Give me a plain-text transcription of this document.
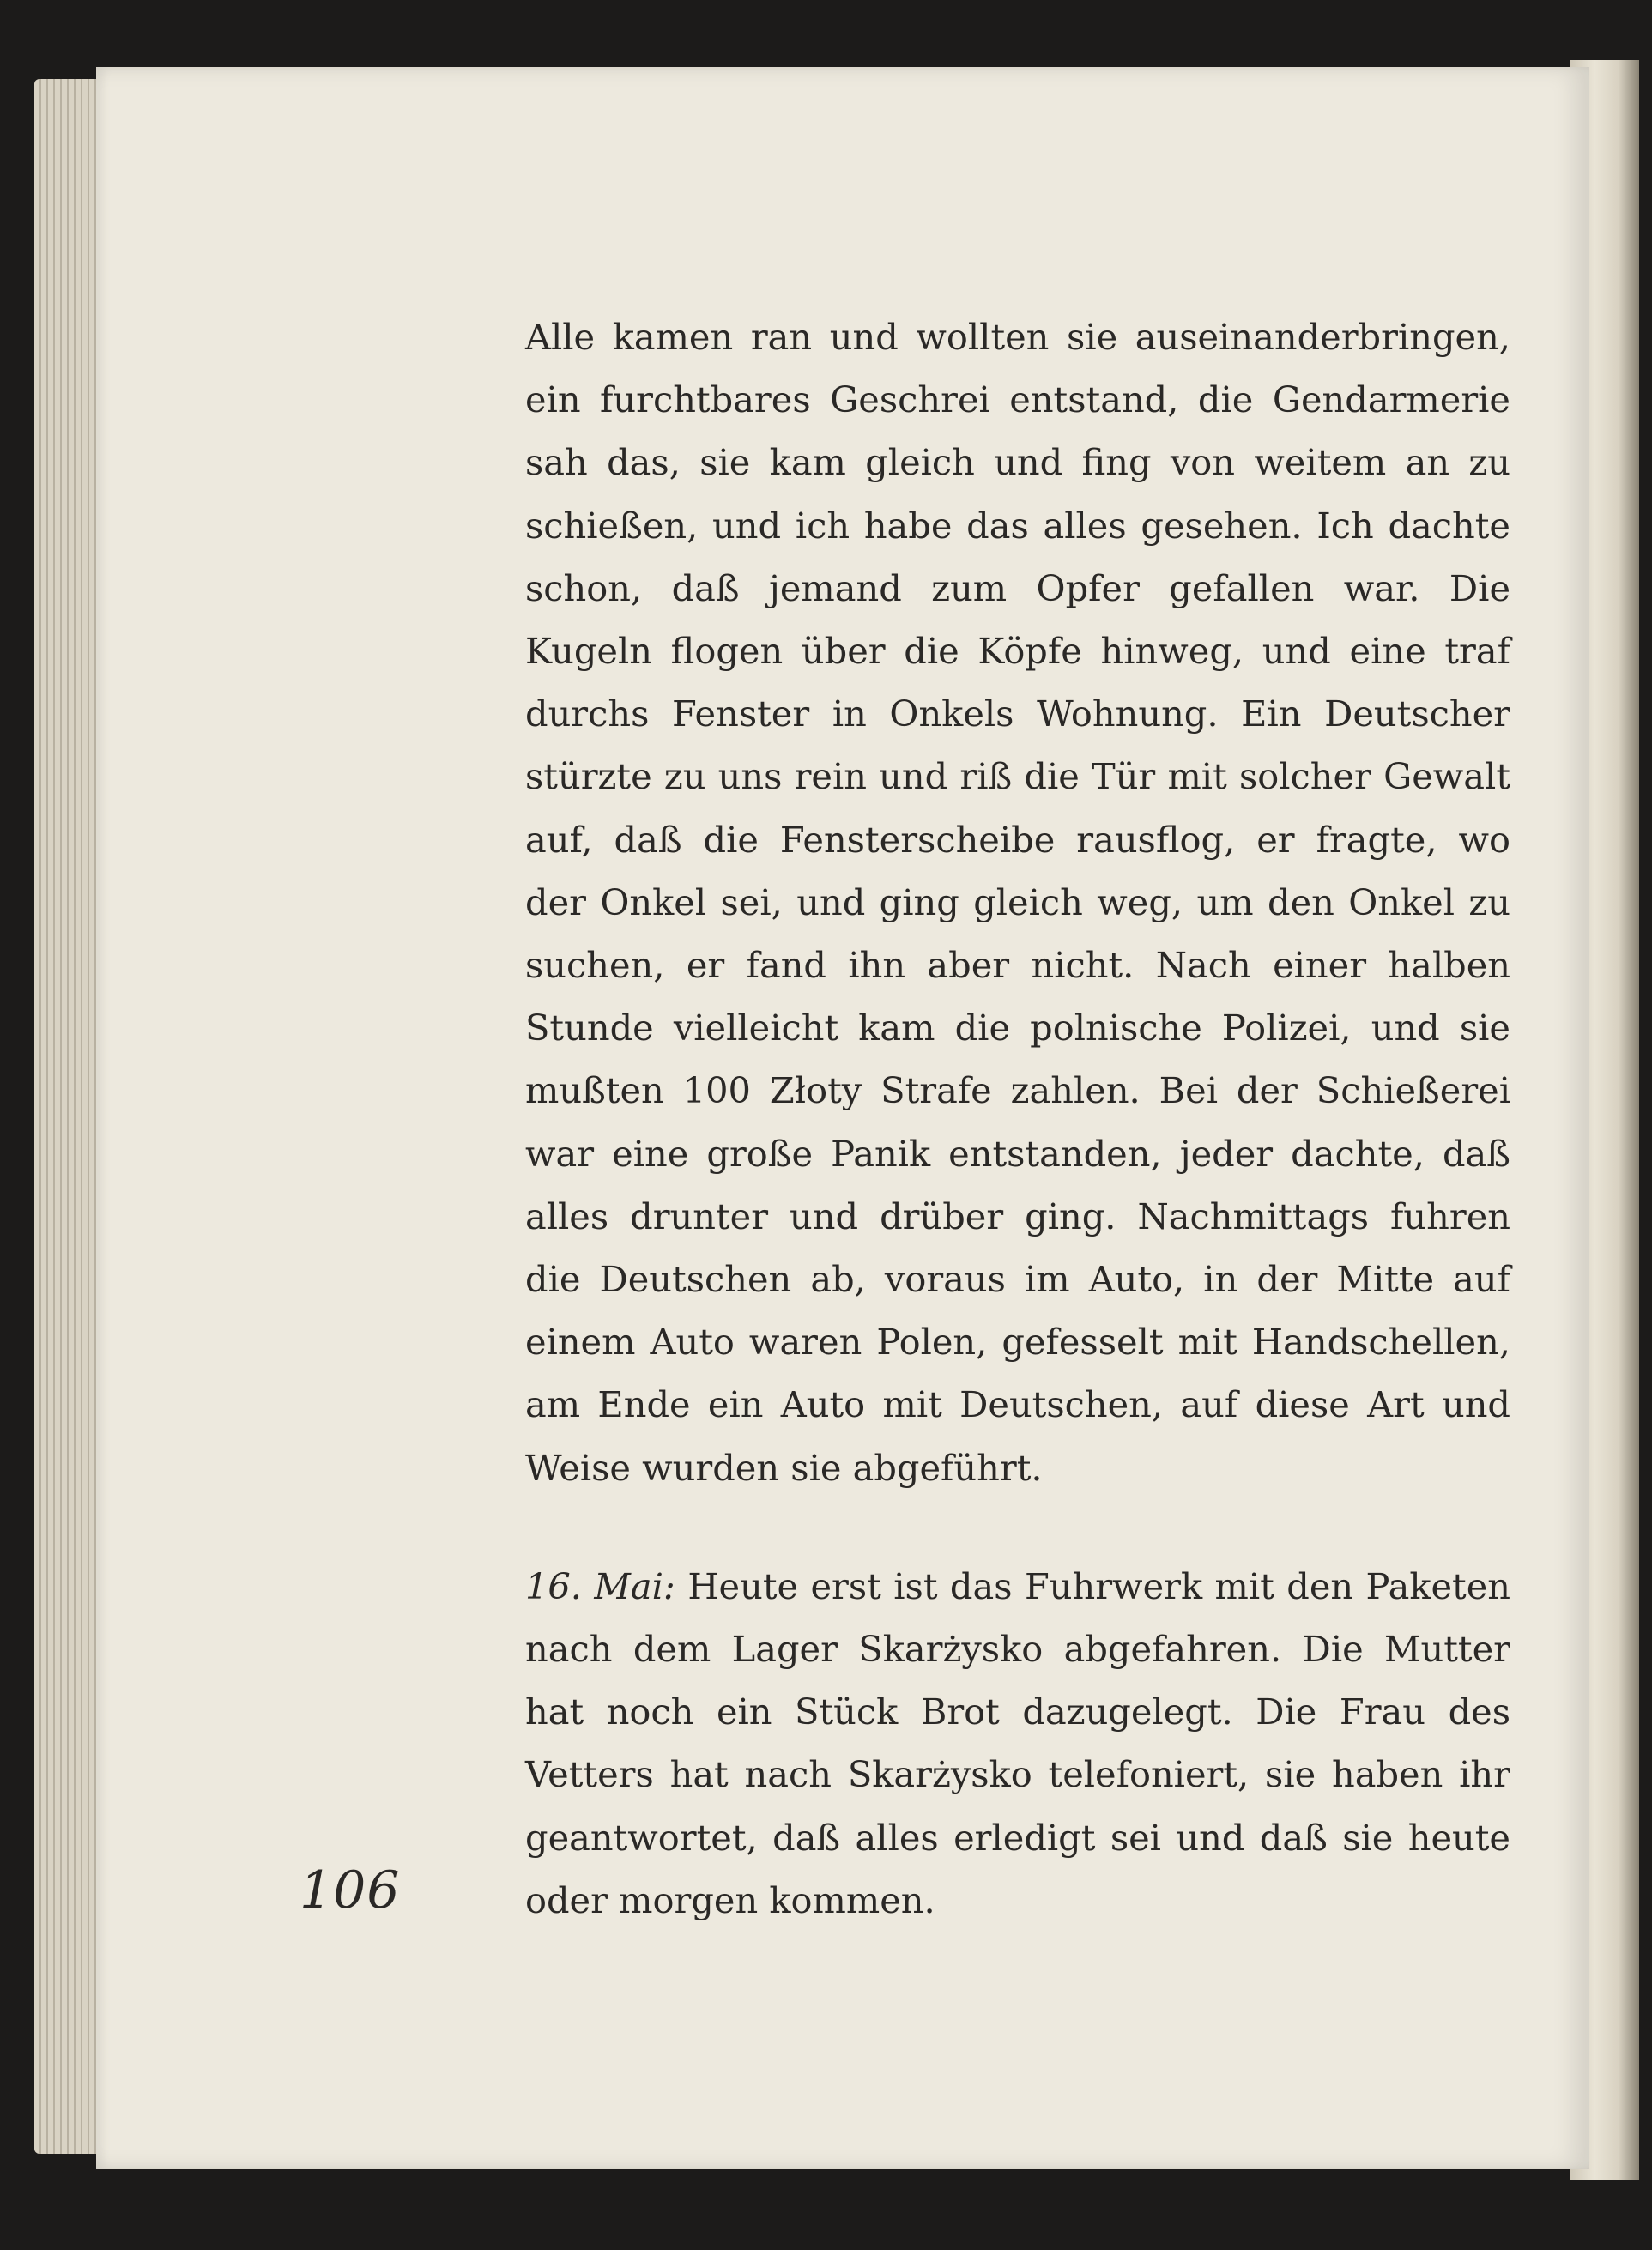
Alle kamen ran und wollten sie auseinanderbringen, ein furchtbares Geschrei entstand, die Gendarmerie sah das, sie kam gleich und fing von weitem an zu schießen, und ich habe das alles gesehen. Ich dachte schon, daß jemand zum Opfer gefallen war. Die Kugeln flogen über die Köpfe hinweg, und eine traf durchs Fenster in Onkels Wohnung. Ein Deutscher stürzte zu uns rein und riß die Tür mit solcher Gewalt auf, daß die Fensterscheibe rausflog, er fragte, wo der Onkel sei, und ging gleich weg, um den Onkel zu suchen, er fand ihn aber nicht. Nach einer halben Stunde vielleicht kam die polnische Polizei, und sie mußten 100 Złoty Strafe zahlen. Bei der Schießerei war eine große Panik entstanden, jeder dachte, daß alles drunter und drüber ging. Nachmittags fuhren die Deutschen ab, voraus im Auto, in der Mitte auf einem Auto waren Polen, gefesselt mit Handschellen, am Ende ein Auto mit Deutschen, auf diese Art und Weise wurden sie abgeführt.

16. Mai: Heute erst ist das Fuhrwerk mit den Paketen nach dem Lager Skarżysko abgefahren. Die Mutter hat noch ein Stück Brot dazugelegt. Die Frau des Vetters hat nach Skarżysko telefoniert, sie haben ihr geantwortet, daß alles erledigt sei und daß sie heute oder morgen kommen.

106
